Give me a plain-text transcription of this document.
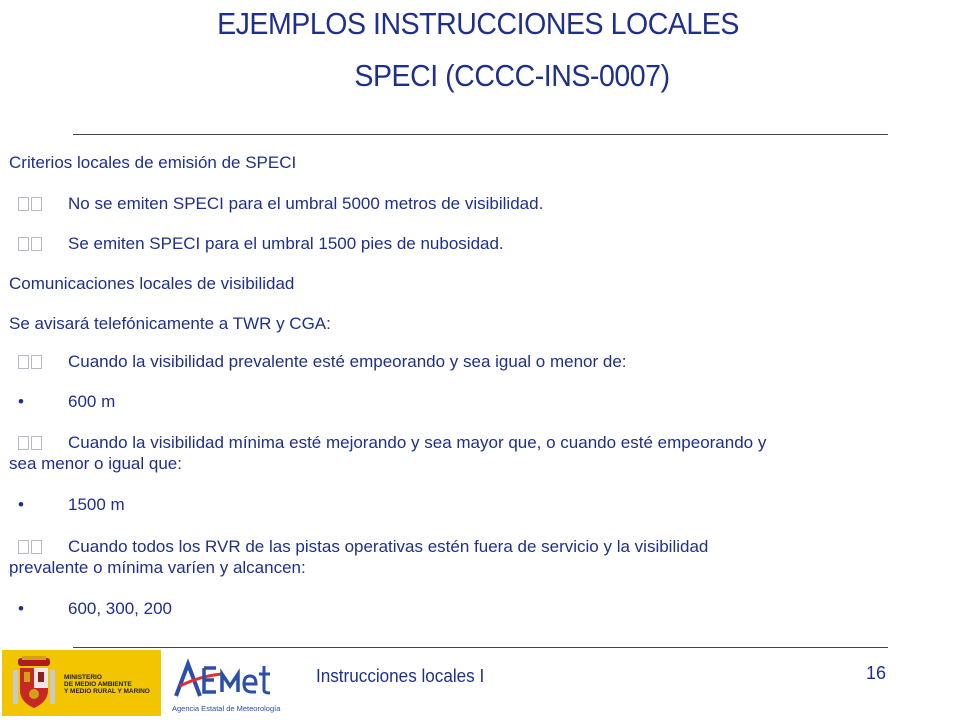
EJEMPLOS INSTRUCCIONES LOCALES
SPECI (CCCC-INS-0007)
Criterios locales de emisión de SPECI
No se emiten SPECI para el umbral 5000 metros de visibilidad.
Se emiten SPECI para el umbral 1500 pies de nubosidad.
Comunicaciones locales de visibilidad
Se avisará telefónicamente a TWR y CGA:
Cuando la visibilidad prevalente esté empeorando y sea igual o menor de:
•	600 m
Cuando la visibilidad mínima esté mejorando y sea mayor que, o cuando esté empeorando y
sea menor o igual que:
•	1500 m
Cuando todos los RVR de las pistas operativas estén fuera de servicio y la visibilidad
prevalente o mínima varíen y alcancen:
•	600, 300, 200
MINISTERIO
DE MEDIO AMBIENTE
Y MEDIO RURAL Y MARINO
Agencia Estatal de Meteorología
Instrucciones locales I	16
